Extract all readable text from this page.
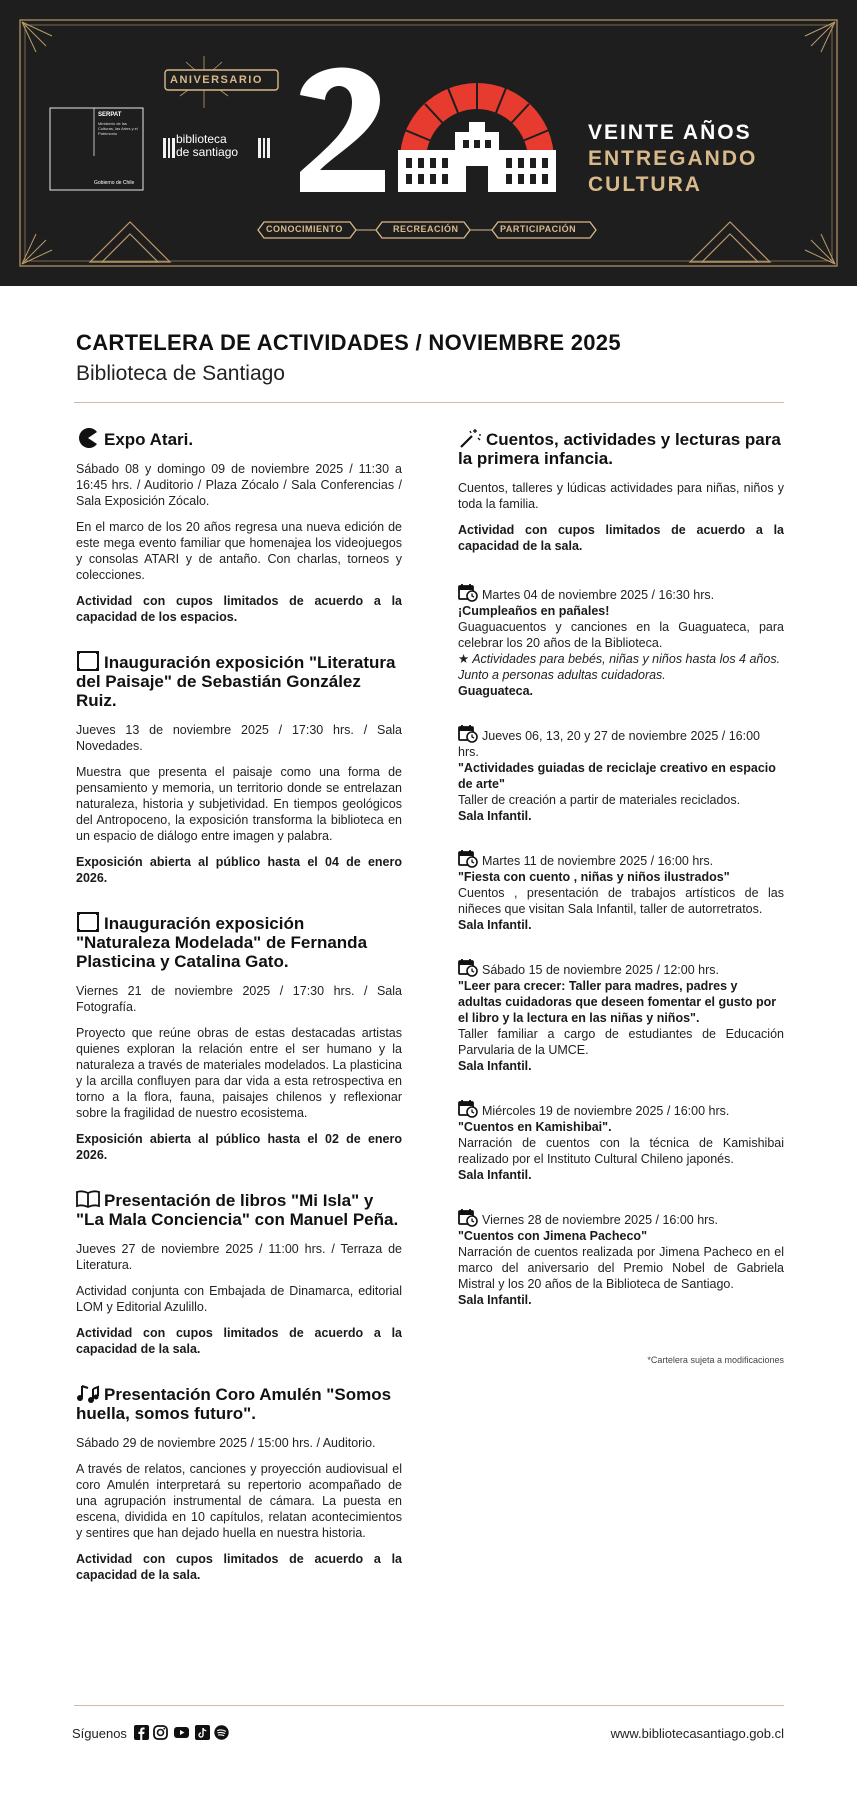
ANIVERSARIO
SERPAT
Ministerio de las Culturas, las Artes y el Patrimonio
Gobierno de Chile
biblioteca
de santiago
VEINTE AÑOS
ENTREGANDO
CULTURA
CONOCIMIENTO	RECREACIÓN	PARTICIPACIÓN
CARTELERA DE ACTIVIDADES / NOVIEMBRE 2025
Biblioteca de Santiago
Expo Atari.

Sábado 08 y domingo 09 de noviembre 2025 / 11:30 a 16:45 hrs. / Auditorio / Plaza Zócalo / Sala Conferencias / Sala Exposición Zócalo.

En el marco de los 20 años regresa una nueva edición de este mega evento familiar que homenajea los videojuegos y consolas ATARI y de antaño. Con charlas, torneos y colecciones.

Actividad con cupos limitados de acuerdo a la capacidad de los espacios.

Inauguración exposición "Literatura del Paisaje" de Sebastián González Ruiz.

Jueves 13 de noviembre 2025 / 17:30 hrs. / Sala Novedades.

Muestra que presenta el paisaje como una forma de pensamiento y memoria, un territorio donde se entrelazan naturaleza, historia y subjetividad. En tiempos geológicos del Antropoceno, la exposición transforma la biblioteca en un espacio de diálogo entre imagen y palabra.

Exposición abierta al público hasta el 04 de enero 2026.

Inauguración exposición "Naturaleza Modelada" de Fernanda Plasticina y Catalina Gato.

Viernes 21 de noviembre 2025 / 17:30 hrs. / Sala Fotografía.

Proyecto que reúne obras de estas destacadas artistas quienes exploran la relación entre el ser humano y la naturaleza a través de materiales modelados. La plasticina y la arcilla confluyen para dar vida a esta retrospectiva en torno a la flora, fauna, paisajes chilenos y reflexionar sobre la fragilidad de nuestro ecosistema.

Exposición abierta al público hasta el 02 de enero 2026.

Presentación de libros "Mi Isla" y "La Mala Conciencia" con Manuel Peña.

Jueves 27 de noviembre 2025 / 11:00 hrs. / Terraza de Literatura.

Actividad conjunta con Embajada de Dinamarca, editorial LOM y Editorial Azulillo.

Actividad con cupos limitados de acuerdo a la capacidad de la sala.

Presentación Coro Amulén "Somos huella, somos futuro".

Sábado 29 de noviembre 2025 / 15:00 hrs. / Auditorio.

A través de relatos, canciones y proyección audiovisual el coro Amulén interpretará su repertorio acompañado de una agrupación instrumental de cámara. La puesta en escena, dividida en 10 capítulos, relatan acontecimientos y sentires que han dejado huella en nuestra historia.

Actividad con cupos limitados de acuerdo a la capacidad de la sala.

Cuentos, actividades y lecturas para la primera infancia.

Cuentos, talleres y lúdicas actividades para niñas, niños y toda la familia.

Actividad con cupos limitados de acuerdo a la capacidad de la sala.

Martes 04 de noviembre 2025 / 16:30 hrs.
¡Cumpleaños en pañales!
Guaguacuentos y canciones en la Guaguateca, para celebrar los 20 años de la Biblioteca.
★ Actividades para bebés, niñas y niños hasta los 4 años. Junto a personas adultas cuidadoras.
Guaguateca.
Jueves 06, 13, 20 y 27 de noviembre 2025 / 16:00 hrs.
"Actividades guiadas de reciclaje creativo en espacio de arte"
Taller de creación a partir de materiales reciclados.
Sala Infantil.
Martes 11 de noviembre 2025 / 16:00 hrs.
"Fiesta con cuento , niñas y niños ilustrados"
Cuentos , presentación de trabajos artísticos de las niñeces que visitan Sala Infantil, taller de autorretratos.
Sala Infantil.
Sábado 15 de noviembre 2025 / 12:00 hrs.
"Leer para crecer: Taller para madres, padres y adultas cuidadoras que deseen fomentar el gusto por el libro y la lectura en las niñas y niños".
Taller familiar a cargo de estudiantes de Educación Parvularia de la UMCE.
Sala Infantil.
Miércoles 19 de noviembre 2025 / 16:00 hrs.
"Cuentos en Kamishibai".
Narración de cuentos con la técnica de Kamishibai realizado por el Instituto Cultural Chileno japonés.
Sala Infantil.
Viernes 28 de noviembre 2025 / 16:00 hrs.
"Cuentos con Jimena Pacheco"
Narración de cuentos realizada por Jimena Pacheco en el marco del aniversario del Premio Nobel de Gabriela Mistral y los 20 años de la Biblioteca de Santiago.
Sala Infantil.
*Cartelera sujeta a modificaciones
Síguenos	www.bibliotecasantiago.gob.cl
